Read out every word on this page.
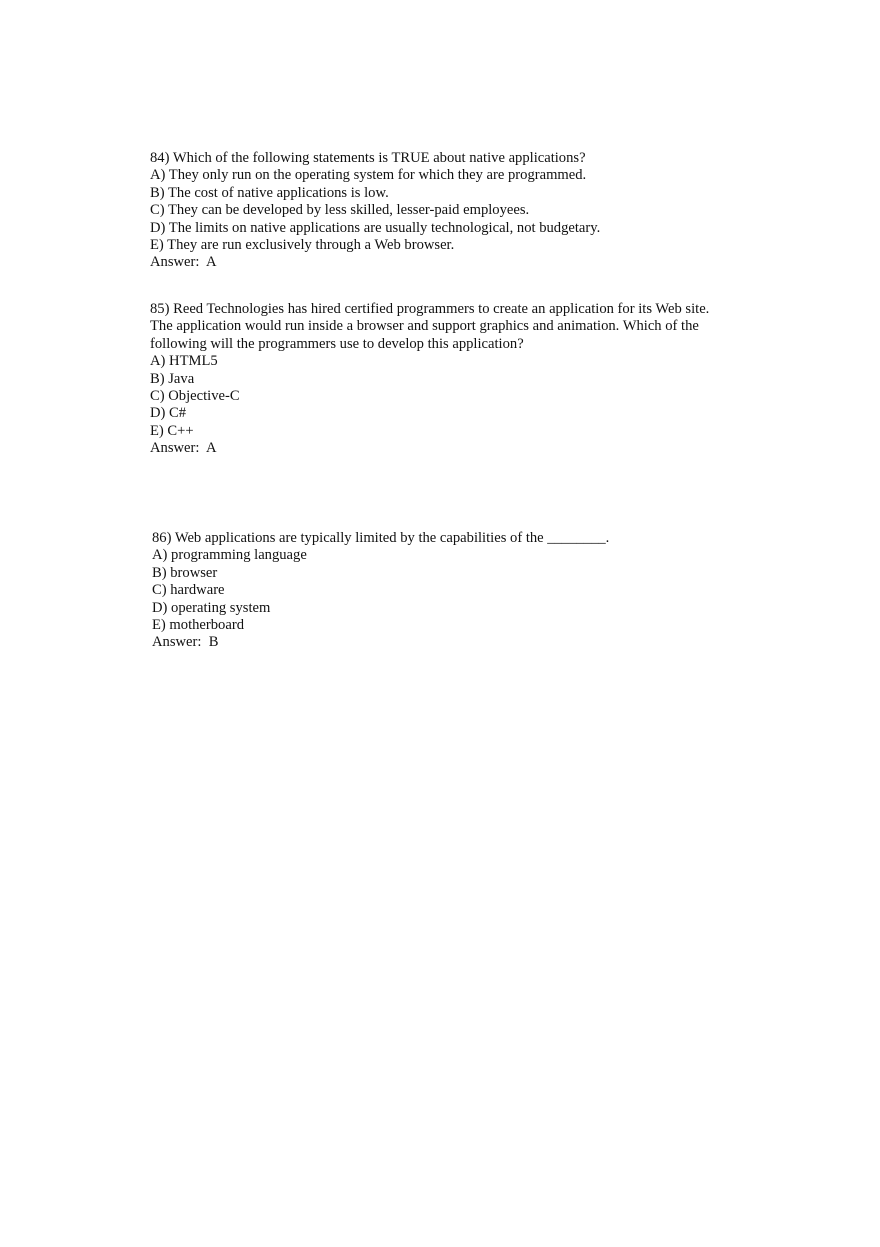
84) Which of the following statements is TRUE about native applications?
A) They only run on the operating system for which they are programmed.
B) The cost of native applications is low.
C) They can be developed by less skilled, lesser-paid employees.
D) The limits on native applications are usually technological, not budgetary.
E) They are run exclusively through a Web browser.
Answer:  A
85) Reed Technologies has hired certified programmers to create an application for its Web site.
The application would run inside a browser and support graphics and animation. Which of the
following will the programmers use to develop this application?
A) HTML5
B) Java
C) Objective-C
D) C#
E) C++
Answer:  A
86) Web applications are typically limited by the capabilities of the ________.
A) programming language
B) browser
C) hardware
D) operating system
E) motherboard
Answer:  B
